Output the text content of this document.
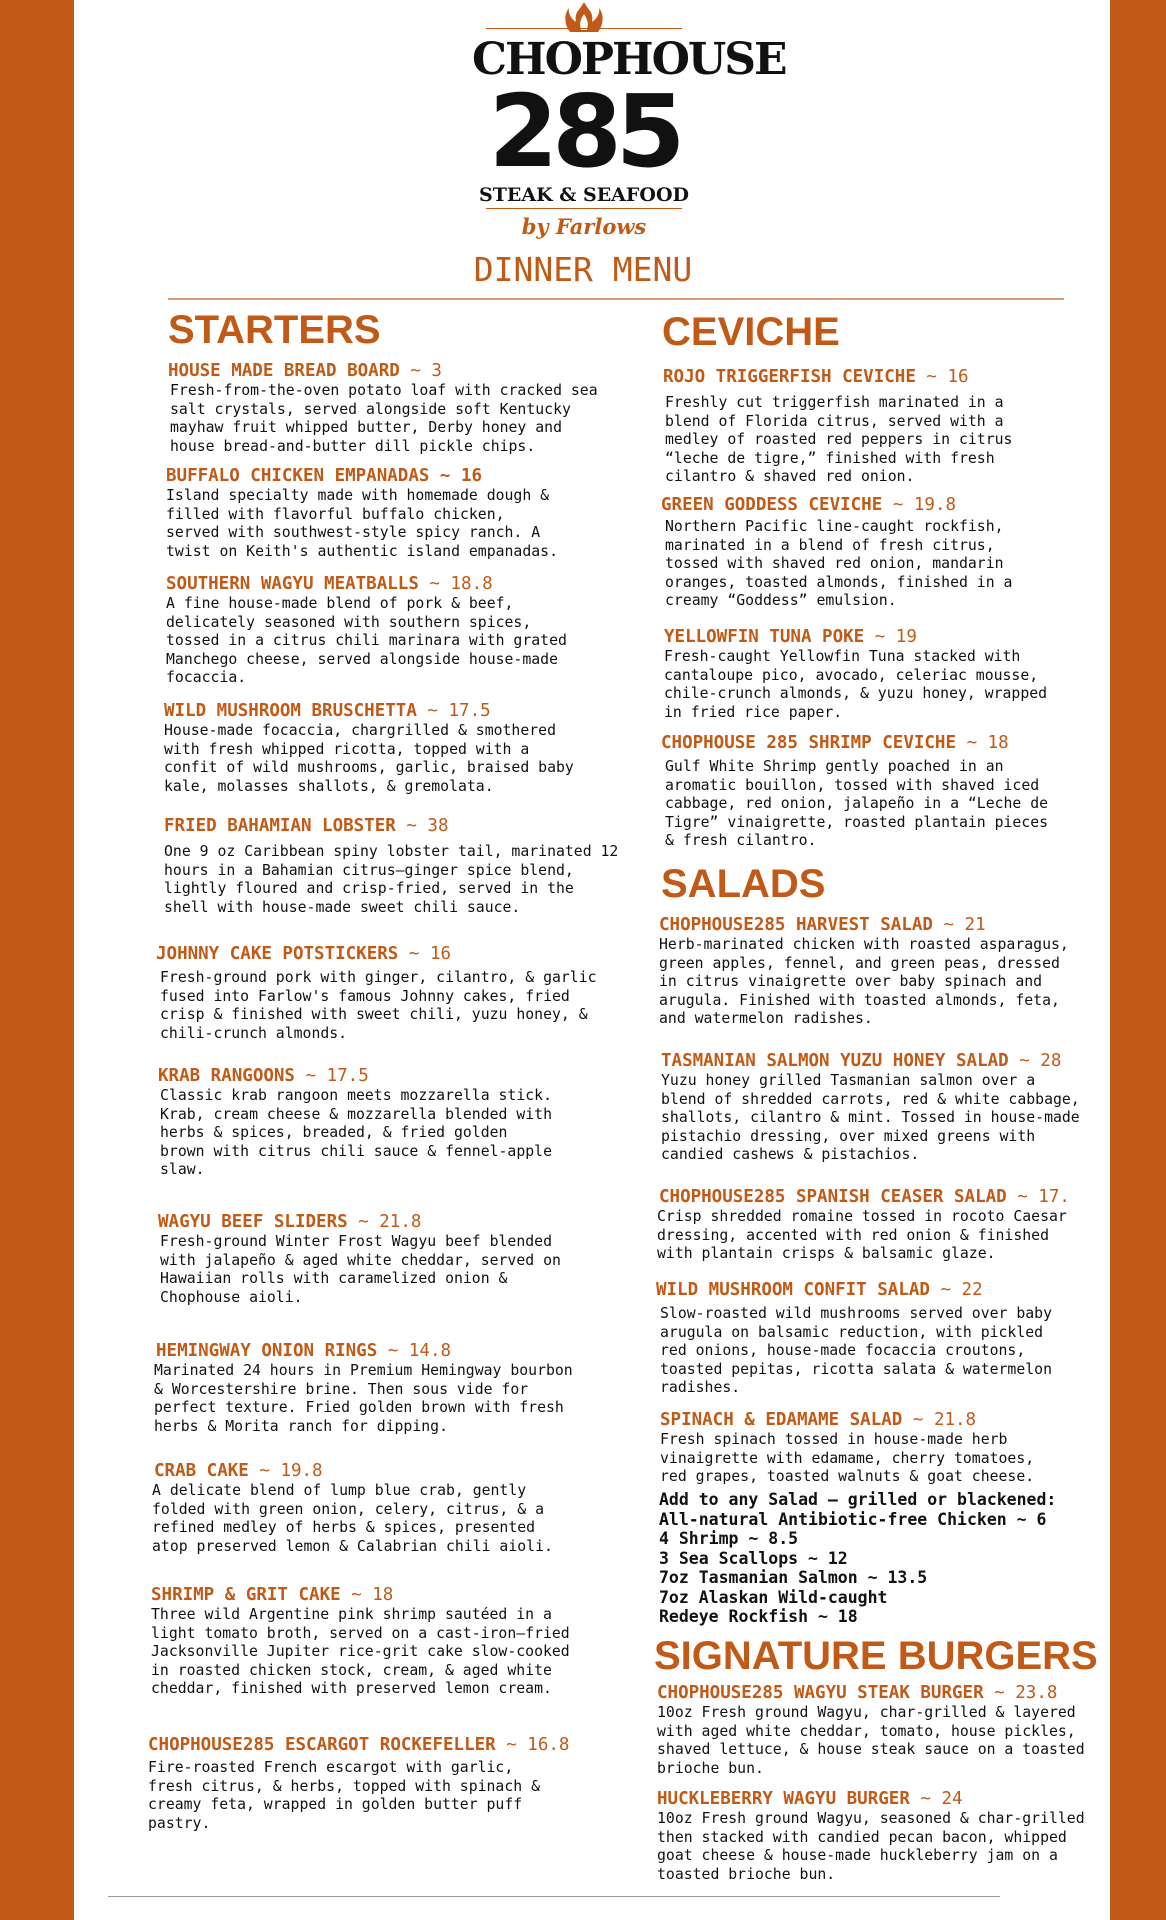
CHOPHOUSE
285
STEAK & SEAFOOD
by Farlows
DINNER MENU
STARTERS
HOUSE MADE BREAD BOARD ~ 3
Fresh-from-the-oven potato loaf with cracked sea
salt crystals, served alongside soft Kentucky
mayhaw fruit whipped butter, Derby honey and
house bread-and-butter dill pickle chips.
BUFFALO CHICKEN EMPANADAS ~ 16
Island specialty made with homemade dough &
filled with flavorful buffalo chicken,
served with southwest-style spicy ranch. A
twist on Keith's authentic island empanadas.
SOUTHERN WAGYU MEATBALLS ~ 18.8
A fine house-made blend of pork & beef,
delicately seasoned with southern spices,
tossed in a citrus chili marinara with grated
Manchego cheese, served alongside house-made
focaccia.
WILD MUSHROOM BRUSCHETTA ~ 17.5
House-made focaccia, chargrilled & smothered
with fresh whipped ricotta, topped with a
confit of wild mushrooms, garlic, braised baby
kale, molasses shallots, & gremolata.
FRIED BAHAMIAN LOBSTER ~ 38
One 9 oz Caribbean spiny lobster tail, marinated 12
hours in a Bahamian citrus–ginger spice blend,
lightly floured and crisp-fried, served in the
shell with house-made sweet chili sauce.
JOHNNY CAKE POTSTICKERS ~ 16
Fresh-ground pork with ginger, cilantro, & garlic
fused into Farlow's famous Johnny cakes, fried
crisp & finished with sweet chili, yuzu honey, &
chili-crunch almonds.
KRAB RANGOONS ~ 17.5
Classic krab rangoon meets mozzarella stick.
Krab, cream cheese & mozzarella blended with
herbs & spices, breaded, & fried golden
brown with citrus chili sauce & fennel-apple
slaw.
WAGYU BEEF SLIDERS ~ 21.8
Fresh-ground Winter Frost Wagyu beef blended
with jalapeño & aged white cheddar, served on
Hawaiian rolls with caramelized onion &
Chophouse aioli.
HEMINGWAY ONION RINGS ~ 14.8
Marinated 24 hours in Premium Hemingway bourbon
& Worcestershire brine. Then sous vide for
perfect texture. Fried golden brown with fresh
herbs & Morita ranch for dipping.
CRAB CAKE ~ 19.8
A delicate blend of lump blue crab, gently
folded with green onion, celery, citrus, & a
refined medley of herbs & spices, presented
atop preserved lemon & Calabrian chili aioli.
SHRIMP & GRIT CAKE ~ 18
Three wild Argentine pink shrimp sautéed in a
light tomato broth, served on a cast-iron–fried
Jacksonville Jupiter rice-grit cake slow-cooked
in roasted chicken stock, cream, & aged white
cheddar, finished with preserved lemon cream.
CHOPHOUSE285 ESCARGOT ROCKEFELLER ~ 16.8
Fire-roasted French escargot with garlic,
fresh citrus, & herbs, topped with spinach &
creamy feta, wrapped in golden butter puff
pastry.
CEVICHE
ROJO TRIGGERFISH CEVICHE ~ 16
Freshly cut triggerfish marinated in a
blend of Florida citrus, served with a
medley of roasted red peppers in citrus
“leche de tigre,” finished with fresh
cilantro & shaved red onion.
GREEN GODDESS CEVICHE ~ 19.8
Northern Pacific line-caught rockfish,
marinated in a blend of fresh citrus,
tossed with shaved red onion, mandarin
oranges, toasted almonds, finished in a
creamy “Goddess” emulsion.
YELLOWFIN TUNA POKE ~ 19
Fresh-caught Yellowfin Tuna stacked with
cantaloupe pico, avocado, celeriac mousse,
chile-crunch almonds, & yuzu honey, wrapped
in fried rice paper.
CHOPHOUSE 285 SHRIMP CEVICHE ~ 18
Gulf White Shrimp gently poached in an
aromatic bouillon, tossed with shaved iced
cabbage, red onion, jalapeño in a “Leche de
Tigre” vinaigrette, roasted plantain pieces
& fresh cilantro.
SALADS
CHOPHOUSE285 HARVEST SALAD ~ 21
Herb-marinated chicken with roasted asparagus,
green apples, fennel, and green peas, dressed
in citrus vinaigrette over baby spinach and
arugula. Finished with toasted almonds, feta,
and watermelon radishes.
TASMANIAN SALMON YUZU HONEY SALAD ~ 28
Yuzu honey grilled Tasmanian salmon over a
blend of shredded carrots, red & white cabbage,
shallots, cilantro & mint. Tossed in house-made
pistachio dressing, over mixed greens with
candied cashews & pistachios.
CHOPHOUSE285 SPANISH CEASER SALAD ~ 17.
Crisp shredded romaine tossed in rocoto Caesar
dressing, accented with red onion & finished
with plantain crisps & balsamic glaze.
WILD MUSHROOM CONFIT SALAD ~ 22
Slow-roasted wild mushrooms served over baby
arugula on balsamic reduction, with pickled
red onions, house-made focaccia croutons,
toasted pepitas, ricotta salata & watermelon
radishes.
SPINACH & EDAMAME SALAD ~ 21.8
Fresh spinach tossed in house-made herb
vinaigrette with edamame, cherry tomatoes,
red grapes, toasted walnuts & goat cheese.
Add to any Salad – grilled or blackened:
All-natural Antibiotic-free Chicken ~ 6
4 Shrimp ~ 8.5
3 Sea Scallops ~ 12
7oz Tasmanian Salmon ~ 13.5
7oz Alaskan Wild-caught
Redeye Rockfish ~ 18
SIGNATURE BURGERS
CHOPHOUSE285 WAGYU STEAK BURGER ~ 23.8
10oz Fresh ground Wagyu, char-grilled & layered
with aged white cheddar, tomato, house pickles,
shaved lettuce, & house steak sauce on a toasted
brioche bun.
HUCKLEBERRY WAGYU BURGER ~ 24
10oz Fresh ground Wagyu, seasoned & char-grilled
then stacked with candied pecan bacon, whipped
goat cheese & house-made huckleberry jam on a
toasted brioche bun.
